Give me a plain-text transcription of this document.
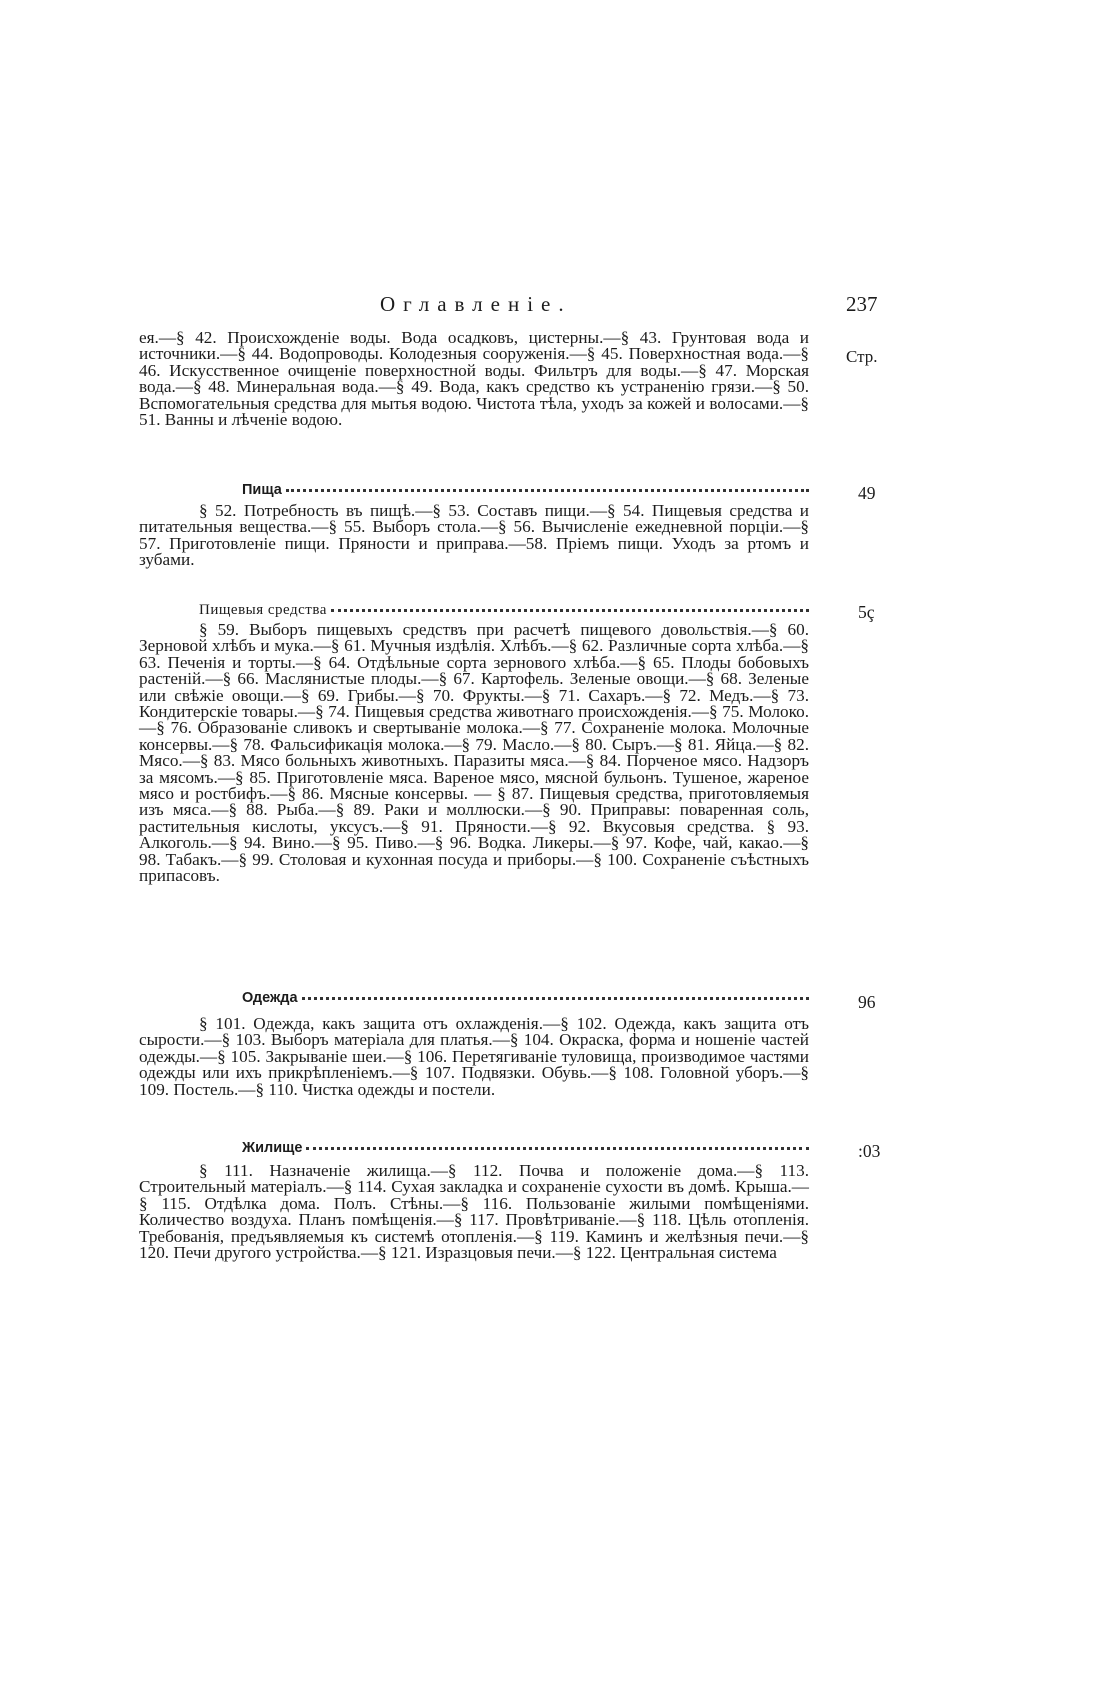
Оглавленіе.	237
Стр.

ея.—§ 42. Происхожденіе воды. Вода осадковъ, цистерны.—§ 43. Грунтовая вода и источники.—§ 44. Водопроводы. Колодезныя сооруженія.—§ 45. Поверхностная вода.—§ 46. Искусственное очищеніе поверхностной воды. Фильтръ для воды.—§ 47. Морская вода.—§ 48. Минеральная вода.—§ 49. Вода, какъ средство къ устраненію грязи.—§ 50. Вспомогательныя средства для мытья водою. Чистота тѣла, уходъ за кожей и волосами.—§ 51. Ванны и лѣченіе водою.

Пища	49

§ 52. Потребность въ пищѣ.—§ 53. Составъ пищи.—§ 54. Пищевыя средства и питательныя вещества.—§ 55. Выборъ стола.—§ 56. Вычисленіе ежедневной порціи.—§ 57. Приготовленіе пищи. Пряности и приправа.—58. Пріемъ пищи. Уходъ за ртомъ и зубами.

Пищевыя средства	5ç

§ 59. Выборъ пищевыхъ средствъ при расчетѣ пищевого довольствія.—§ 60. Зерновой хлѣбъ и мука.—§ 61. Мучныя издѣлія. Хлѣбъ.—§ 62. Различные сорта хлѣба.—§ 63. Печенія и торты.—§ 64. Отдѣльные сорта зернового хлѣба.—§ 65. Плоды бобовыхъ растеній.—§ 66. Маслянистые плоды.—§ 67. Картофель. Зеленые овощи.—§ 68. Зеленые или свѣжіе овощи.—§ 69. Грибы.—§ 70. Фрукты.—§ 71. Сахаръ.—§ 72. Медъ.—§ 73. Кондитерскіе товары.—§ 74. Пищевыя средства животнаго происхожденія.—§ 75. Молоко.—§ 76. Образованіе сливокъ и свертываніе молока.—§ 77. Сохраненіе молока. Молочные консервы.—§ 78. Фальсификація молока.—§ 79. Масло.—§ 80. Сыръ.—§ 81. Яйца.—§ 82. Мясо.—§ 83. Мясо больныхъ животныхъ. Паразиты мяса.—§ 84. Порченое мясо. Надзоръ за мясомъ.—§ 85. Приготовленіе мяса. Вареное мясо, мясной бульонъ. Тушеное, жареное мясо и ростбифъ.—§ 86. Мясные консервы. — § 87. Пищевыя средства, приготовляемыя изъ мяса.—§ 88. Рыба.—§ 89. Раки и моллюски.—§ 90. Приправы: поваренная соль, растительныя кислоты, уксусъ.—§ 91. Пряности.—§ 92. Вкусовыя средства. § 93. Алкоголь.—§ 94. Вино.—§ 95. Пиво.—§ 96. Водка. Ликеры.—§ 97. Кофе, чай, какао.—§ 98. Табакъ.—§ 99. Столовая и кухонная посуда и приборы.—§ 100. Сохраненіе съѣстныхъ припасовъ.

Одежда	96

§ 101. Одежда, какъ защита отъ охлажденія.—§ 102. Одежда, какъ защита отъ сырости.—§ 103. Выборъ матеріала для платья.—§ 104. Окраска, форма и ношеніе частей одежды.—§ 105. Закрываніе шеи.—§ 106. Перетягиваніе туловища, производимое частями одежды или ихъ прикрѣпленіемъ.—§ 107. Подвязки. Обувь.—§ 108. Головной уборъ.—§ 109. Постель.—§ 110. Чистка одежды и постели.

Жилище	:03

§ 111. Назначеніе жилища.—§ 112. Почва и положеніе дома.—§ 113. Строительный матеріалъ.—§ 114. Сухая закладка и сохраненіе сухости въ домѣ. Крыша.—§ 115. Отдѣлка дома. Полъ. Стѣны.—§ 116. Пользованіе жилыми помѣщеніями. Количество воздуха. Планъ помѣщенія.—§ 117. Провѣтриваніе.—§ 118. Цѣль отопленія. Требованія, предъявляемыя къ системѣ отопленія.—§ 119. Каминъ и желѣзныя печи.—§ 120. Печи другого устройства.—§ 121. Изразцовыя печи.—§ 122. Центральная система
